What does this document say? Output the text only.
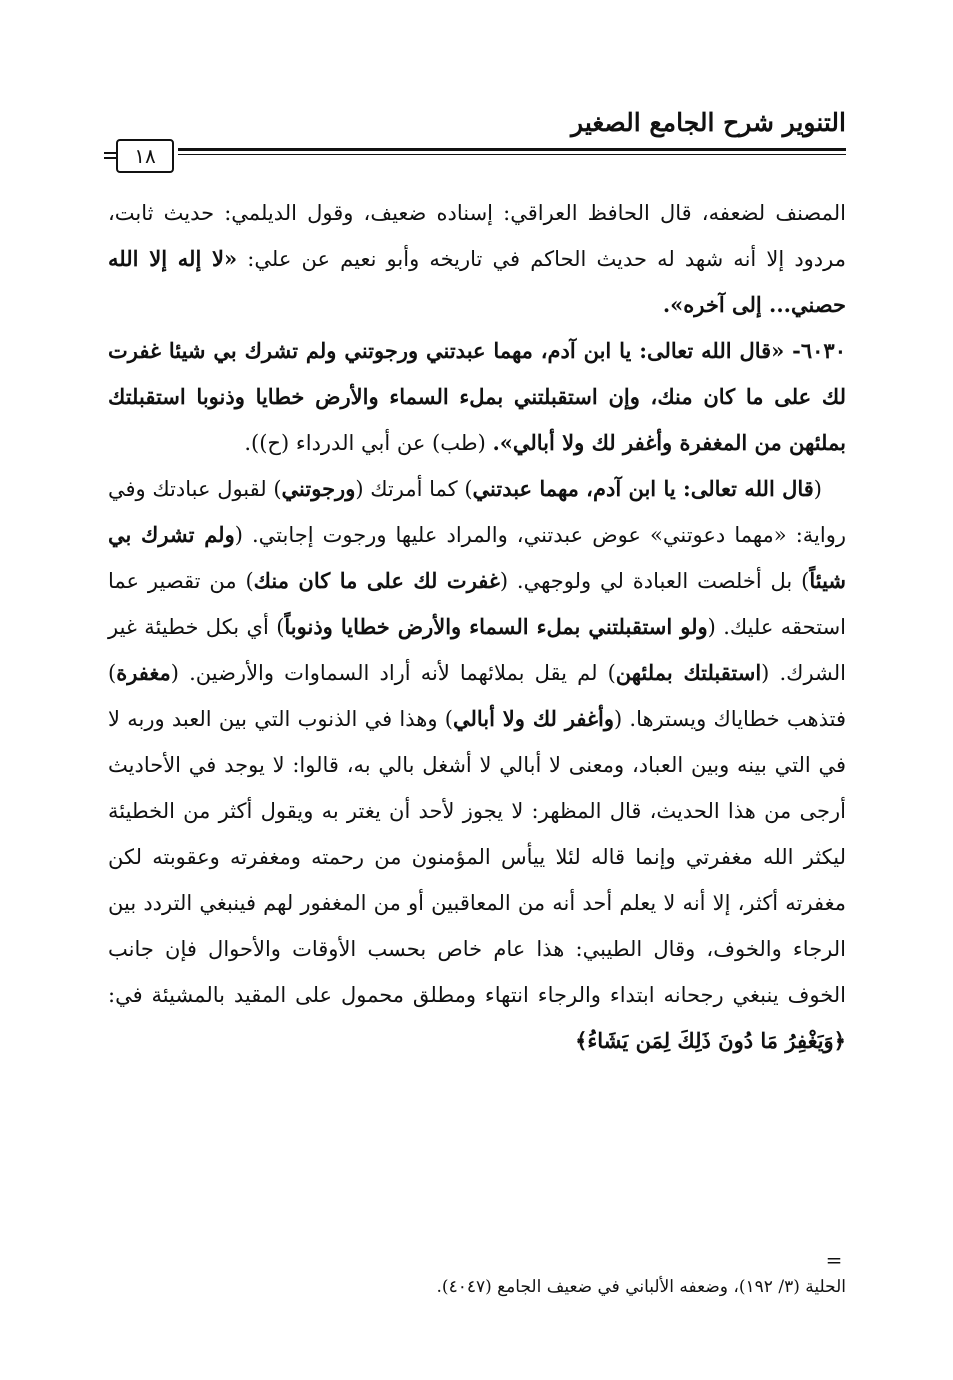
التنوير شرح الجامع الصغير
١٨

المصنف لضعفه، قال الحافظ العراقي: إسناده ضعيف، وقول الديلمي: حديث ثابت، مردود إلا أنه شهد له حديث الحاكم في تاريخه وأبو نعيم عن علي: «لا إله إلا الله حصني... إلى آخره».

٦٠٣٠- «قال الله تعالى: يا ابن آدم، مهما عبدتني ورجوتني ولم تشرك بي شيئا غفرت لك على ما كان منك، وإن استقبلتني بملء السماء والأرض خطايا وذنوبا استقبلتك بملئهن من المغفرة وأغفر لك ولا أبالي». (طب) عن أبي الدرداء (ح)).

(قال الله تعالى: يا ابن آدم، مهما عبدتني) كما أمرتك (ورجوتني) لقبول عبادتك وفي رواية: «مهما دعوتني» عوض عبدتني، والمراد عليها ورجوت إجابتي. (ولم تشرك بي شيئاً) بل أخلصت العبادة لي ولوجهي. (غفرت لك على ما كان منك) من تقصير عما استحقه عليك. (ولو استقبلتني بملء السماء والأرض خطايا وذنوباً) أي بكل خطيئة غير الشرك. (استقبلتك بملئهن) لم يقل بملائهما لأنه أراد السماوات والأرضين. (مغفرة) فتذهب خطاياك ويسترها. (وأغفر لك ولا أبالي) وهذا في الذنوب التي بين العبد وربه لا في التي بينه وبين العباد، ومعنى لا أبالي لا أشغل بالي به، قالوا: لا يوجد في الأحاديث أرجى من هذا الحديث، قال المظهر: لا يجوز لأحد أن يغتر به ويقول أكثر من الخطيئة ليكثر الله مغفرتي وإنما قاله لئلا ييأس المؤمنون من رحمته ومغفرته وعقوبته لكن مغفرته أكثر، إلا أنه لا يعلم أحد أنه من المعاقبين أو من المغفور لهم فينبغي التردد بين الرجاء والخوف، وقال الطيبي: هذا عام خاص بحسب الأوقات والأحوال فإن جانب الخوف ينبغي رجحانه ابتداء والرجاء انتهاء ومطلق محمول على المقيد بالمشيئة في: ﴿وَيَغْفِرُ مَا دُونَ ذَلِكَ لِمَن يَشَاءُ﴾

=
الحلية (٣/ ١٩٢)، وضعفه الألباني في ضعيف الجامع (٤٠٤٧).
